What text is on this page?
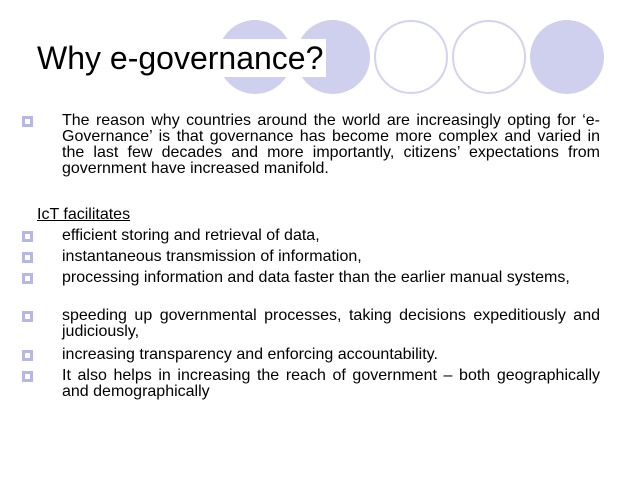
Why e-governance?

The reason why countries around the world are increasingly opting for ‘e-Governance’ is that governance has become more complex and varied in the last few decades and more importantly, citizens’ expectations from government have increased manifold.

IcT facilitates

efficient storing and retrieval of data,

instantaneous transmission of information,

processing information and data faster than the earlier manual systems,

speeding up governmental processes, taking decisions expeditiously and judiciously,

increasing transparency and enforcing accountability.

It also helps in increasing the reach of government – both geographically and demographically
